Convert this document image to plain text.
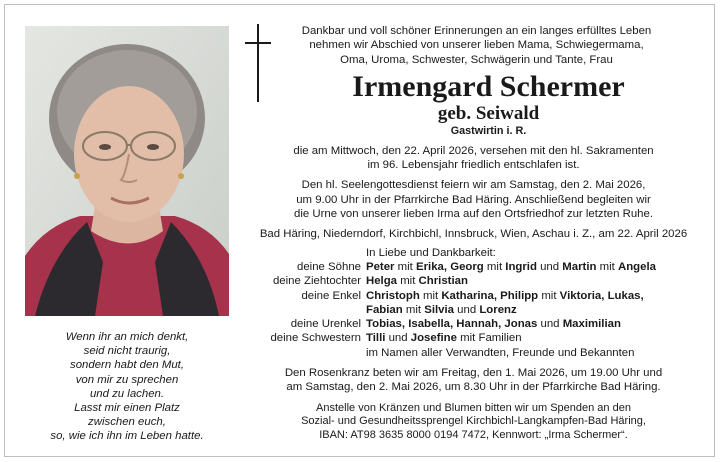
Wenn ihr an mich denkt,
seid nicht traurig,
sondern habt den Mut,
von mir zu sprechen
und zu lachen.
Lasst mir einen Platz
zwischen euch,
so, wie ich ihn im Leben hatte.
Dankbar und voll schöner Erinnerungen an ein langes erfülltes Leben
nehmen wir Abschied von unserer lieben Mama, Schwiegermama,
Oma, Uroma, Schwester, Schwägerin und Tante, Frau
Irmengard Schermer
geb. Seiwald
Gastwirtin i. R.
die am Mittwoch, den 22. April 2026, versehen mit den hl. Sakramenten
im 96. Lebensjahr friedlich entschlafen ist.
Den hl. Seelengottesdienst feiern wir am Samstag, den 2. Mai 2026,
um 9.00 Uhr in der Pfarrkirche Bad Häring. Anschließend begleiten wir
die Urne von unserer lieben Irma auf den Ortsfriedhof zur letzten Ruhe.
Bad Häring, Niederndorf, Kirchbichl, Innsbruck, Wien, Aschau i. Z., am 22. April 2026
In Liebe und Dankbarkeit:
deine Söhne Peter mit Erika, Georg mit Ingrid und Martin mit Angela
deine Ziehtochter Helga mit Christian
deine Enkel Christoph mit Katharina, Philipp mit Viktoria, Lukas,
Fabian mit Silvia und Lorenz
deine Urenkel Tobias, Isabella, Hannah, Jonas und Maximilian
deine Schwestern Tilli und Josefine mit Familien
im Namen aller Verwandten, Freunde und Bekannten
Den Rosenkranz beten wir am Freitag, den 1. Mai 2026, um 19.00 Uhr und
am Samstag, den 2. Mai 2026, um 8.30 Uhr in der Pfarrkirche Bad Häring.
Anstelle von Kränzen und Blumen bitten wir um Spenden an den
Sozial- und Gesundheitssprengel Kirchbichl-Langkampfen-Bad Häring,
IBAN: AT98 3635 8000 0194 7472, Kennwort: „Irma Schermer“.
